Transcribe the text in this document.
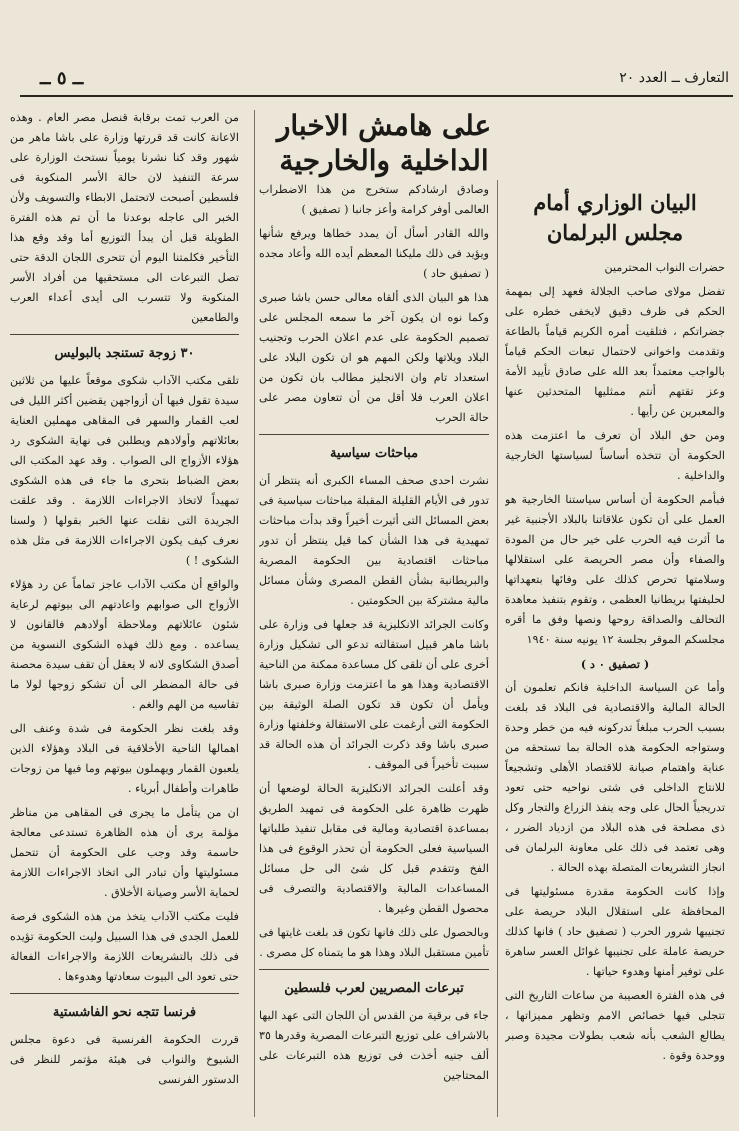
التعارف ــ العدد ٢٠
ــ ٥ ــ
على هامش الاخبار الداخلية والخارجية
البيان الوزاري أمام مجلس البرلمان

حضرات النواب المحترمين

تفضل مولاى صاحب الجلالة فعهد إلى بمهمة الحكم فى ظرف دقيق لايخفى خطره على جضراتكم ، فتلقيت أمره الكريم قياماً بالطاعة وتقدمت واخوانى لاحتمال تبعات الحكم قياماً بالواجب معتمداً بعد الله على صادق تأييد الأمة وعز تقتهم أنتم ممثليها المتحدثين عنها والمعبرين عن رأيها .

ومن حق البلاد أن تعرف ما اعتزمت هذه الحكومة أن تتخذه أساساً لسياستها الخارجية والداخلية .

فبأمم الحكومة أن أساس سياستنا الخارجية هو العمل على أن تكون علاقاتنا بالبلاد الأجنبية غير ما أثرت فيه الحرب على خير حال من المودة والصفاء وأن مصر الحريصة على استقلالها وسلامتها تحرص كذلك على وفائها بتعهداتها لحليفتها بريطانيا العظمى ، وتقوم بتنفيذ معاهدة التحالف والصداقة روحها ونصها وفق ما أقره مجلسكم الموقر بجلسة ١٢ يونيه سنة ١٩٤٠

( تصفيق ٠ د )

وأما عن السياسة الداخلية فانكم تعلمون أن الحالة المالية والاقتصادية فى البلاد قد بلغت بسبب الحرب مبلغاً تدركونه فيه من خطر وحدة وستواجه الحكومة هذه الحالة بما تستحقه من عناية واهتمام صيانة للاقتصاد الأهلى وتشجيعاً للانتاج الداخلى فى شتى نواحيه حتى تعود تدريجياً الحال على وجه ينفذ الزراع والتجار وكل ذى مصلحة فى هذه البلاد من ازدياد الضرر ، وهى تعتمد فى ذلك على معاونة البرلمان فى انجاز التشريعات المتصلة بهذه الحالة .

وإذا كانت الحكومة مقدرة مسئوليتها فى المحافظة على استقلال البلاد حريصة على تجنيبها شرور الحرب ( تصفيق حاد ) فانها كذلك حريصة عاملة على تجنيبها غوائل العسر ساهرة على توفير أمنها وهدوء حياتها .

فى هذه الفترة العصيبة من ساعات التاريخ التى تتجلى فيها خصائص الامم وتظهر مميزاتها ، يطالع الشعب بأنه شعب بطولات مجيدة وصبر ووحدة وقوة .

وصادق ارشادكم ستخرج من هذا الاضطراب العالمى أوفر كرامة وأعز جانبا ( تصفيق )

والله القادر أسأل أن يمدد خطاها ويرفع شأنها ويؤيد فى ذلك مليكنا المعظم أيده الله وأعاد مجده ( تصفيق حاد )

هذا هو البيان الذى ألقاه معالى حسن باشا صبرى وكما نوه ان يكون آخر ما سمعه المجلس على تصميم الحكومة على عدم اعلان الحرب وتجنيب البلاد ويلاتها ولكن المهم هو ان تكون البلاد على استعداد تام وان الانجليز مطالب بان تكون من اعلان العرب فلا أقل من أن تتعاون مصر على حالة الحرب

مباحثات سياسية

نشرت احدى صحف المساء الكبرى أنه ينتظر أن تدور فى الأيام القليلة المقبلة مباحثات سياسية فى بعض المسائل التى أثيرت أخيراً وقد بدأت مباحثات تمهيدية فى هذا الشأن كما قيل ينتظر أن تدور مباحثات اقتصادية بين الحكومة المصرية والبريطانية بشأن القطن المصرى وشأن مسائل مالية مشتركة بين الحكومتين .

وكانت الجرائد الانكليزية قد جعلها فى وزارة على باشا ماهر قبيل استقالته تدعو الى تشكيل وزارة أخرى على أن تلقى كل مساعدة ممكنة من الناحية الاقتصادية وهذا هو ما اعتزمت وزارة صبرى باشا ويأمل أن تكون قد تكون الصلة الوثيقة بين الحكومة التى أرغمت على الاستقالة وخلفتها وزارة صبرى باشا وقد ذكرت الجرائد أن هذه الحالة قد سببت تأخيراً فى الموقف .

وقد أعلنت الجرائد الانكليزية الحالة لوضعها أن ظهرت ظاهرة على الحكومة فى تمهيد الطريق بمساعدة اقتصادية ومالية فى مقابل تنفيذ طلباتها السياسية فعلى الحكومة أن تحذر الوقوع فى هذا الفخ وتتقدم قبل كل شئ الى حل مسائل المساعدات المالية والاقتصادية والتصرف فى محصول القطن وغيرها .

وبالحصول على ذلك فانها تكون قد بلغت غايتها فى تأمين مستقبل البلاد وهذا هو ما يتمناه كل مصرى .

تبرعات المصريين لعرب فلسطين

جاء فى برقية من القدس أن اللجان التى عهد اليها بالاشراف على توزيع التبرعات المصرية وقدرها ٣٥ ألف جنيه أخذت فى توزيع هذه التبرعات على المحتاجين

من العرب تمت برقابة قنصل مصر العام . وهذه الاعانة كانت قد قررتها وزارة على باشا ماهر من شهور وقد كنا نشرنا يومياً نستحث الوزارة على سرعة التنفيذ لان حالة الأسر المنكوبة فى فلسطين أصبحت لاتحتمل الابطاء والتسويف ولأن الخبر الى عاجله بوعدنا ما أن تم هذه الفترة الطويلة قبل أن يبدأ التوزيع أما وقد وقع هذا التأخير فكلمتنا اليوم أن تتحرى اللجان الدقة حتى تصل التبرعات الى مستحقيها من أفراد الأسر المنكوبة ولا تتسرب الى أيدى أعداء العرب والطامعين

٣٠ زوجة تستنجد بالبوليس

تلقى مكتب الآداب شكوى موقعاً عليها من ثلاثين سيدة تقول فيها أن أزواجهن يقضين أكثر الليل فى لعب القمار والسهر فى المقاهى مهملين العناية بعائلاتهم وأولادهم ويطلبن فى نهاية الشكوى رد هؤلاء الأزواج الى الصواب . وقد عهد المكتب الى بعض الضباط بتحرى ما جاء فى هذه الشكوى تمهيداً لاتخاذ الاجراءات اللازمة . وقد علقت الجريدة التى نقلت عنها الخبر بقولها ( ولسنا نعرف كيف يكون الاجراءات اللازمة فى مثل هذه الشكوى ! )

والواقع أن مكتب الآداب عاجز تماماً عن رد هؤلاء الأزواج الى صوابهم واعادتهم الى بيوتهم لرعاية شئون عائلاتهم وملاحظة أولادهم فالقانون لا يساعده . ومع ذلك فهذه الشكوى النسوية من أصدق الشكاوى لانه لا يعقل أن تقف سيدة محصنة فى حالة المضطر الى أن تشكو زوجها لولا ما تقاسيه من الهم والغم .

وقد بلغت نظر الحكومة فى شدة وعنف الى اهمالها الناحية الأخلاقية فى البلاد وهؤلاء الذين يلعبون القمار ويهملون بيوتهم وما فيها من زوجات طاهرات وأطفال أبرياء .

ان من يتأمل ما يجرى فى المقاهى من مناظر مؤلمة يرى أن هذه الظاهرة تستدعى معالجة حاسمة وقد وجب على الحكومة أن تتحمل مسئوليتها وأن تبادر الى اتخاذ الاجراءات اللازمة لحماية الأسر وصيانة الأخلاق .

فليت مكتب الآداب يتخذ من هذه الشكوى فرصة للعمل الجدى فى هذا السبيل وليت الحكومة تؤيده فى ذلك بالتشريعات اللازمة والاجراءات الفعالة حتى تعود الى البيوت سعادتها وهدوءها .

فرنسا تتجه نحو الفاشستية

قررت الحكومة الفرنسية فى دعوة مجلس الشيوخ والنواب فى هيئة مؤتمر للنظر فى الدستور الفرنسى
